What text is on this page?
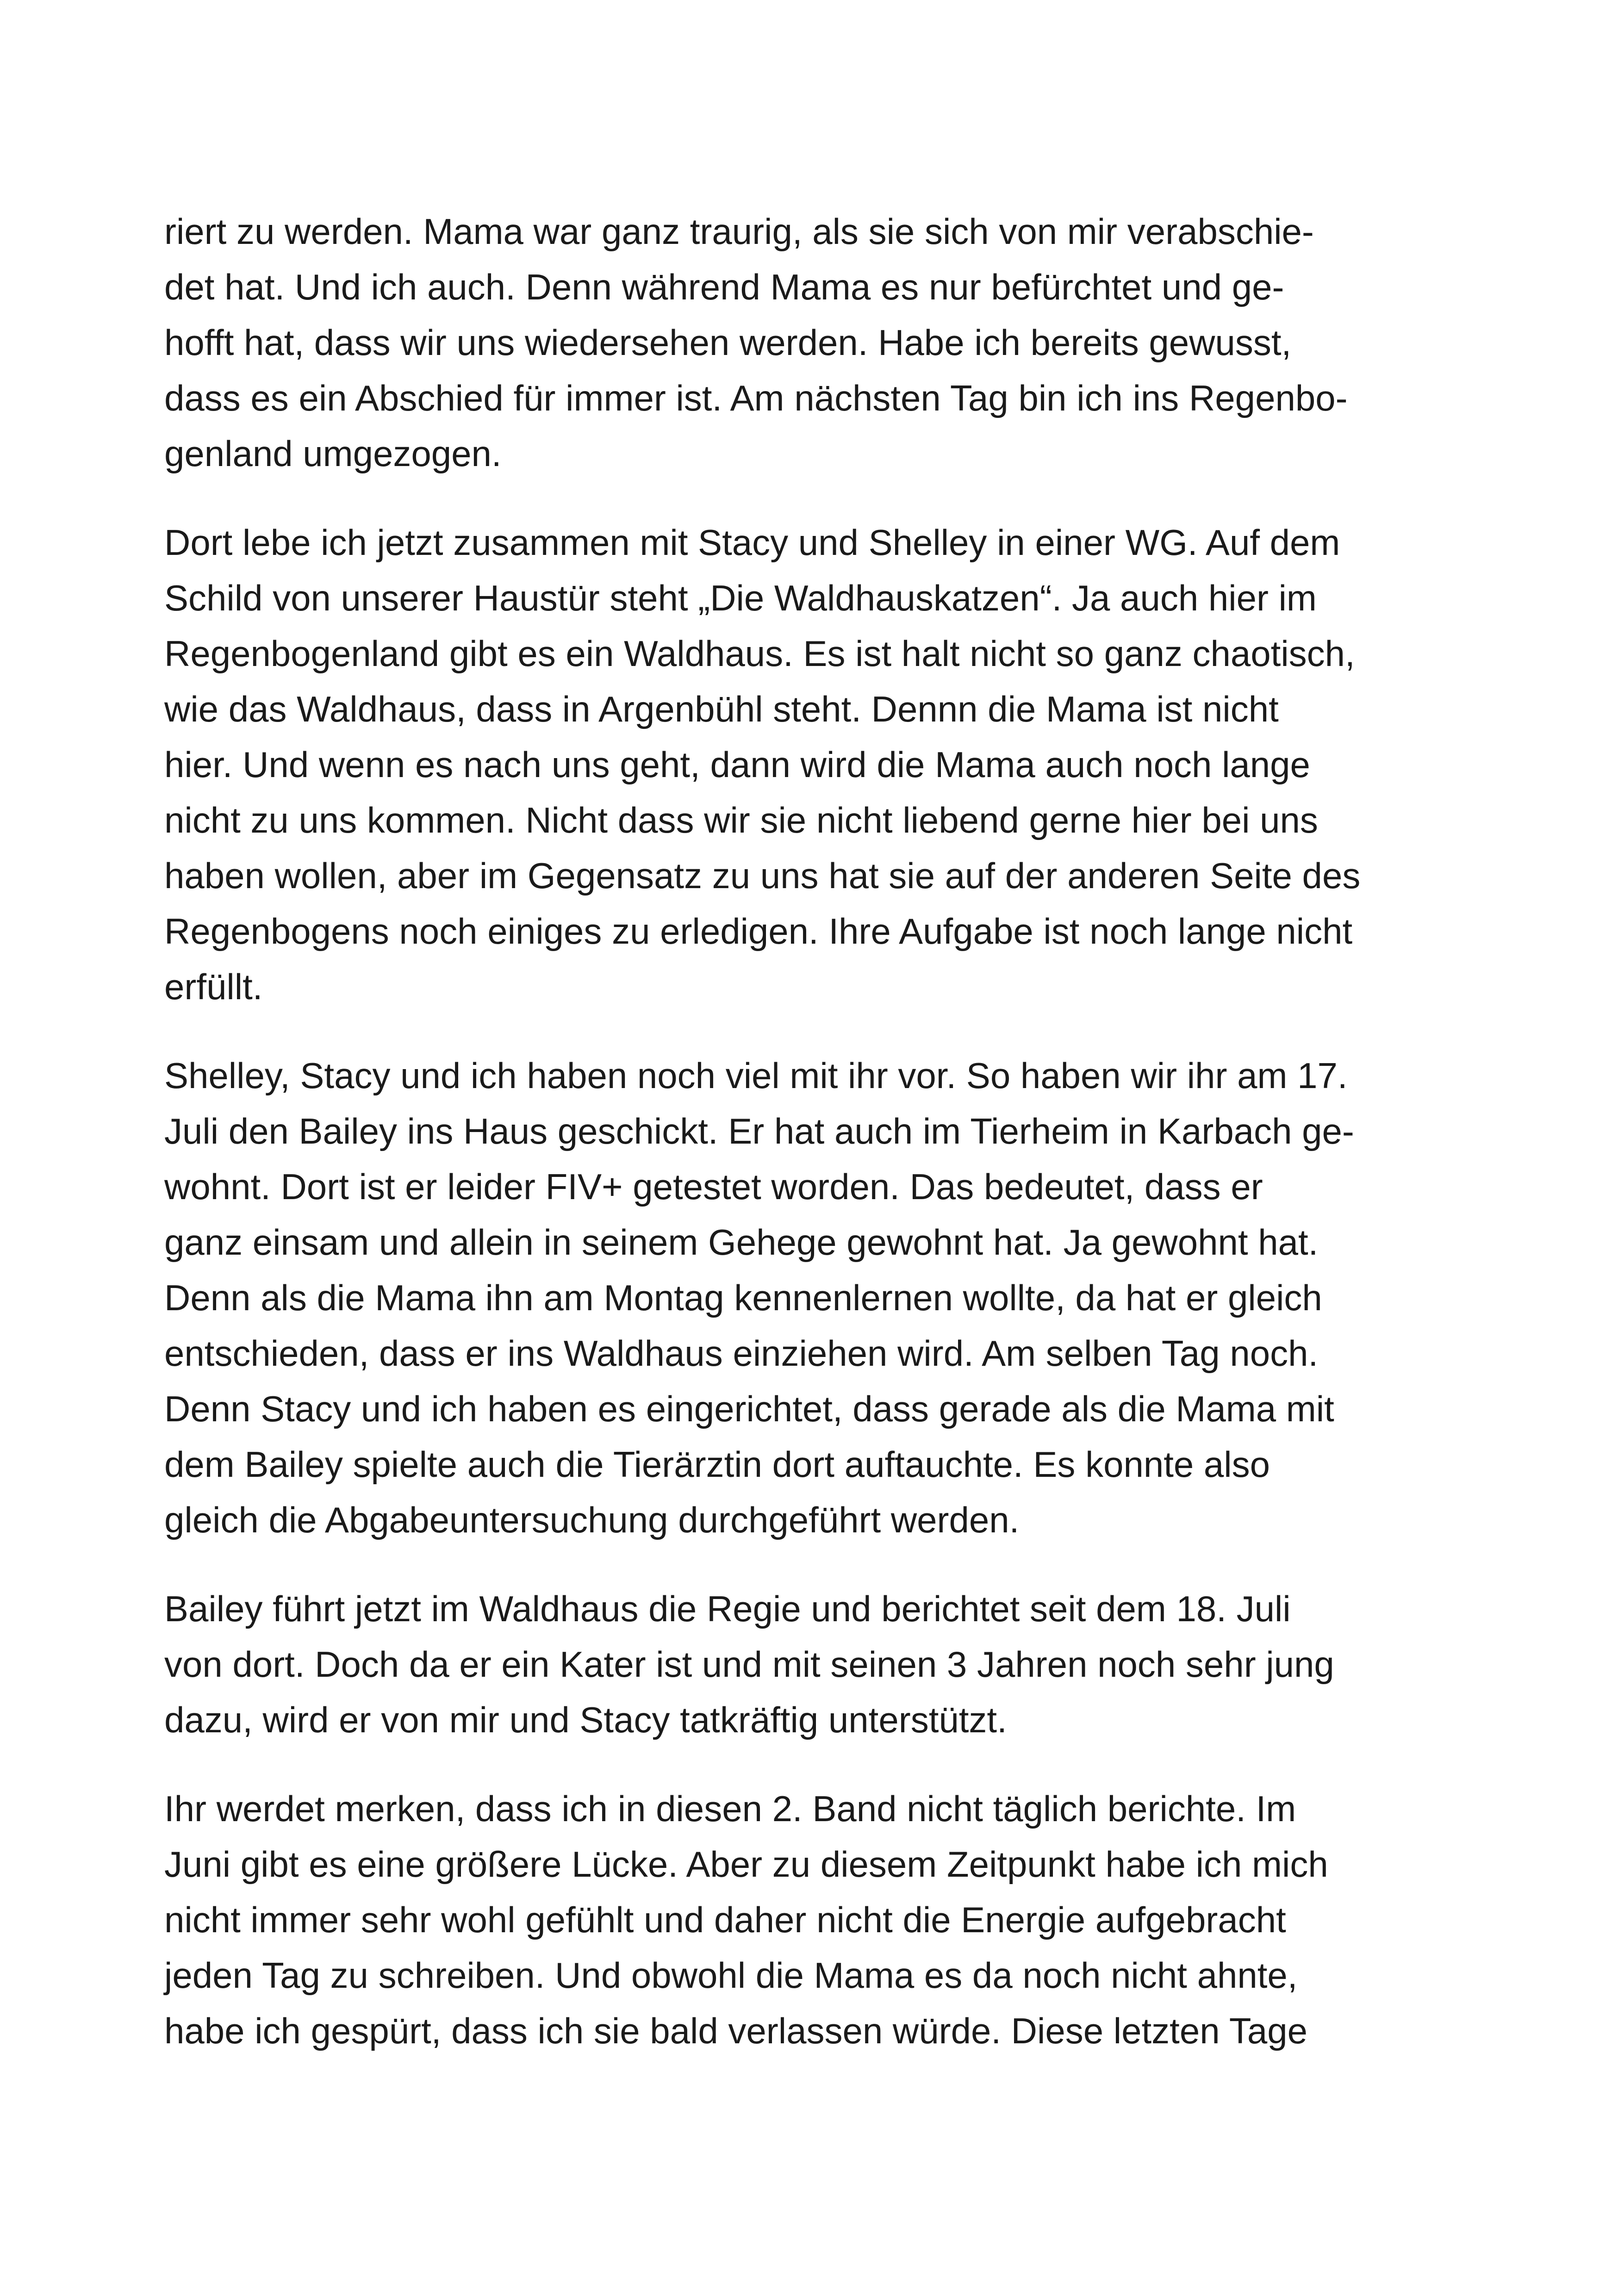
riert zu werden. Mama war ganz traurig, als sie sich von mir verabschie-
det hat. Und ich auch. Denn während Mama es nur befürchtet und ge-
hofft hat, dass wir uns wiedersehen werden. Habe ich bereits gewusst,
dass es ein Abschied für immer ist. Am nächsten Tag bin ich ins Regenbo-
genland umgezogen.

Dort lebe ich jetzt zusammen mit Stacy und Shelley in einer WG. Auf dem
Schild von unserer Haustür steht „Die Waldhauskatzen“. Ja auch hier im
Regenbogenland gibt es ein Waldhaus. Es ist halt nicht so ganz chaotisch,
wie das Waldhaus, dass in Argenbühl steht. Dennn die Mama ist nicht
hier. Und wenn es nach uns geht, dann wird die Mama auch noch lange
nicht zu uns kommen. Nicht dass wir sie nicht liebend gerne hier bei uns
haben wollen, aber im Gegensatz zu uns hat sie auf der anderen Seite des
Regenbogens noch einiges zu erledigen. Ihre Aufgabe ist noch lange nicht
erfüllt.

Shelley, Stacy und ich haben noch viel mit ihr vor. So haben wir ihr am 17.
Juli den Bailey ins Haus geschickt. Er hat auch im Tierheim in Karbach ge-
wohnt. Dort ist er leider FIV+ getestet worden. Das bedeutet, dass er
ganz einsam und allein in seinem Gehege gewohnt hat. Ja gewohnt hat.
Denn als die Mama ihn am Montag kennenlernen wollte, da hat er gleich
entschieden, dass er ins Waldhaus einziehen wird. Am selben Tag noch.
Denn Stacy und ich haben es eingerichtet, dass gerade als die Mama mit
dem Bailey spielte auch die Tierärztin dort auftauchte. Es konnte also
gleich die Abgabeuntersuchung durchgeführt werden.

Bailey führt jetzt im Waldhaus die Regie und berichtet seit dem 18. Juli
von dort. Doch da er ein Kater ist und mit seinen 3 Jahren noch sehr jung
dazu, wird er von mir und Stacy tatkräftig unterstützt.

Ihr werdet merken, dass ich in diesen 2. Band nicht täglich berichte. Im
Juni gibt es eine größere Lücke. Aber zu diesem Zeitpunkt habe ich mich
nicht immer sehr wohl gefühlt und daher nicht die Energie aufgebracht
jeden Tag zu schreiben. Und obwohl die Mama es da noch nicht ahnte,
habe ich gespürt, dass ich sie bald verlassen würde. Diese letzten Tage
